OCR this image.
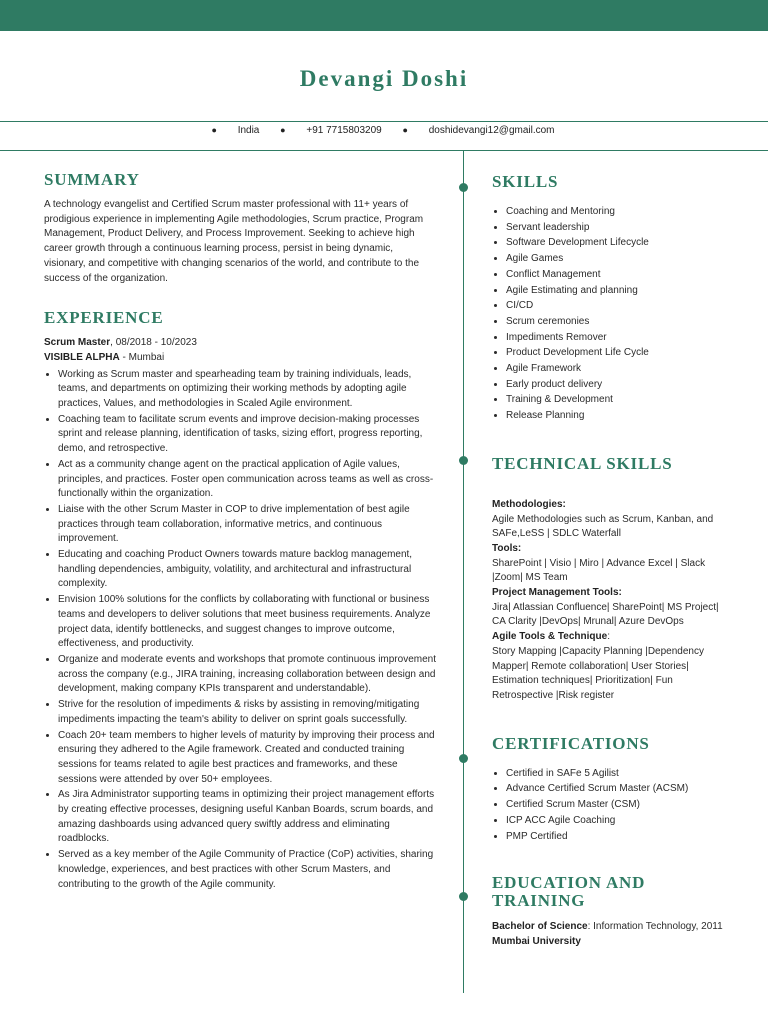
Devangi Doshi
● India ● +91 7715803209 ● doshidevangi12@gmail.com
SUMMARY

A technology evangelist and Certified Scrum master professional with 11+ years of prodigious experience in implementing Agile methodologies, Scrum practice, Program Management, Product Delivery, and Process Improvement. Seeking to achieve high career growth through a continuous learning process, persist in being dynamic, visionary, and competitive with changing scenarios of the world, and contribute to the success of the organization.

EXPERIENCE
Scrum Master, 08/2018 - 10/2023
VISIBLE ALPHA - Mumbai
• Working as Scrum master and spearheading team by training individuals, leads, teams, and departments on optimizing their working methods by adopting agile practices, Values, and methodologies in Scaled Agile environment.
• Coaching team to facilitate scrum events and improve decision-making processes sprint and release planning, identification of tasks, sizing effort, progress reporting, demo, and retrospective.
• Act as a community change agent on the practical application of Agile values, principles, and practices. Foster open communication across teams as well as cross-functionally within the organization.
• Liaise with the other Scrum Master in COP to drive implementation of best agile practices through team collaboration, informative metrics, and continuous improvement.
• Educating and coaching Product Owners towards mature backlog management, handling dependencies, ambiguity, volatility, and architectural and infrastructural complexity.
• Envision 100% solutions for the conflicts by collaborating with functional or business teams and developers to deliver solutions that meet business requirements. Analyze project data, identify bottlenecks, and suggest changes to improve outcome, effectiveness, and productivity.
• Organize and moderate events and workshops that promote continuous improvement across the company (e.g., JIRA training, increasing collaboration between design and development, making company KPIs transparent and understandable).
• Strive for the resolution of impediments & risks by assisting in removing/mitigating impediments impacting the team's ability to deliver on sprint goals successfully.
• Coach 20+ team members to higher levels of maturity by improving their process and ensuring they adhered to the Agile framework. Created and conducted training sessions for teams related to agile best practices and frameworks, and these sessions were attended by over 50+ employees.
• As Jira Administrator supporting teams in optimizing their project management efforts by creating effective processes, designing useful Kanban Boards, scrum boards, and amazing dashboards using advanced query swiftly address and eliminating roadblocks.
• Served as a key member of the Agile Community of Practice (CoP) activities, sharing knowledge, experiences, and best practices with other Scrum Masters, and contributing to the growth of the Agile community.
SKILLS
• Coaching and Mentoring
• Servant leadership
• Software Development Lifecycle
• Agile Games
• Conflict Management
• Agile Estimating and planning
• CI/CD
• Scrum ceremonies
• Impediments Remover
• Product Development Life Cycle
• Agile Framework
• Early product delivery
• Training & Development
• Release Planning
TECHNICAL SKILLS
Methodologies:
Agile Methodologies such as Scrum, Kanban, and SAFe,LeSS | SDLC Waterfall
Tools:
SharePoint | Visio | Miro | Advance Excel | Slack |Zoom| MS Team
Project Management Tools:
Jira| Atlassian Confluence| SharePoint| MS Project| CA Clarity |DevOps| Mrunal| Azure DevOps
Agile Tools & Technique:
Story Mapping |Capacity Planning |Dependency Mapper| Remote collaboration| User Stories| Estimation techniques| Prioritization| Fun Retrospective |Risk register
CERTIFICATIONS
• Certified in SAFe 5 Agilist
• Advance Certified Scrum Master (ACSM)
• Certified Scrum Master (CSM)
• ICP ACC Agile Coaching
• PMP Certified
EDUCATION AND TRAINING
Bachelor of Science: Information Technology, 2011
Mumbai University
